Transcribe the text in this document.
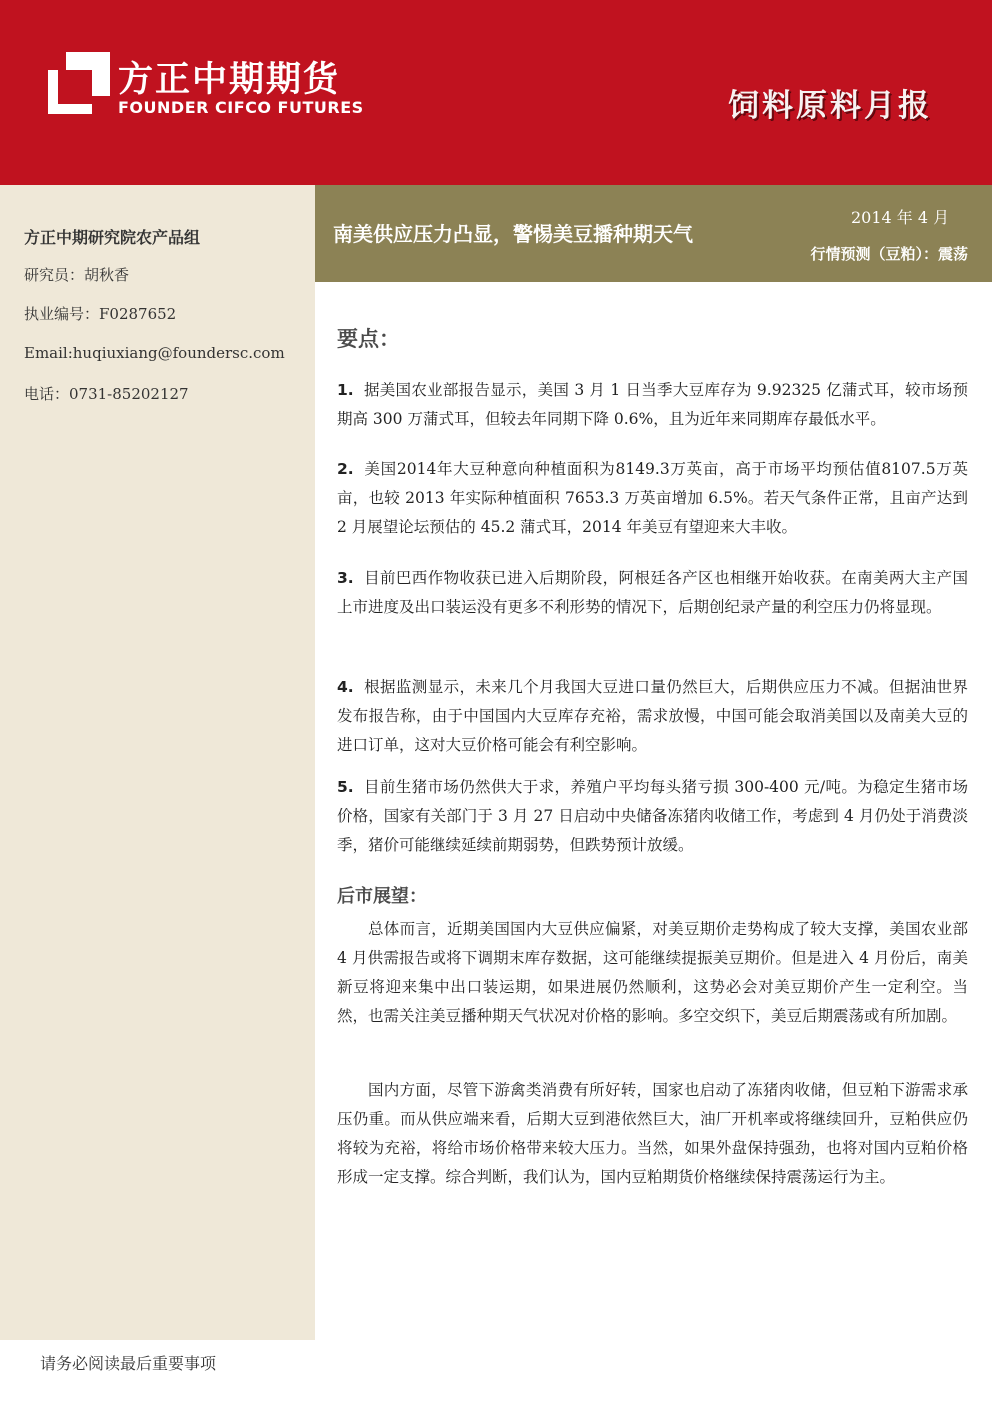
方正中期期货
FOUNDER CIFCO FUTURES	饲料原料月报
方正中期研究院农产品组
研究员：胡秋香
执业编号：F0287652
Email:huqiuxiang@foundersc.com
电话：0731-85202127
南美供应压力凸显，警惕美豆播种期天气
2014 年 4 月
行情预测（豆粕）：震荡
要点：

1. 据美国农业部报告显示，美国 3 月 1 日当季大豆库存为 9.92325 亿蒲式耳，较市场预期高 300 万蒲式耳，但较去年同期下降 0.6%，且为近年来同期库存最低水平。

2. 美国2014年大豆种意向种植面积为8149.3万英亩，高于市场平均预估值8107.5万英亩，也较 2013 年实际种植面积 7653.3 万英亩增加 6.5%。若天气条件正常，且亩产达到 2 月展望论坛预估的 45.2 蒲式耳，2014 年美豆有望迎来大丰收。

3. 目前巴西作物收获已进入后期阶段，阿根廷各产区也相继开始收获。在南美两大主产国上市进度及出口装运没有更多不利形势的情况下，后期创纪录产量的利空压力仍将显现。

4. 根据监测显示，未来几个月我国大豆进口量仍然巨大，后期供应压力不减。但据油世界发布报告称，由于中国国内大豆库存充裕，需求放慢，中国可能会取消美国以及南美大豆的进口订单，这对大豆价格可能会有利空影响。

5. 目前生猪市场仍然供大于求，养殖户平均每头猪亏损 300-400 元/吨。为稳定生猪市场价格，国家有关部门于 3 月 27 日启动中央储备冻猪肉收储工作，考虑到 4 月仍处于消费淡季，猪价可能继续延续前期弱势，但跌势预计放缓。

后市展望：

总体而言，近期美国国内大豆供应偏紧，对美豆期价走势构成了较大支撑，美国农业部 4 月供需报告或将下调期末库存数据，这可能继续提振美豆期价。但是进入 4 月份后，南美新豆将迎来集中出口装运期，如果进展仍然顺利，这势必会对美豆期价产生一定利空。当然，也需关注美豆播种期天气状况对价格的影响。多空交织下，美豆后期震荡或有所加剧。

国内方面，尽管下游禽类消费有所好转，国家也启动了冻猪肉收储，但豆粕下游需求承压仍重。而从供应端来看，后期大豆到港依然巨大，油厂开机率或将继续回升，豆粕供应仍将较为充裕，将给市场价格带来较大压力。当然，如果外盘保持强劲，也将对国内豆粕价格形成一定支撑。综合判断，我们认为，国内豆粕期货价格继续保持震荡运行为主。

请务必阅读最后重要事项
